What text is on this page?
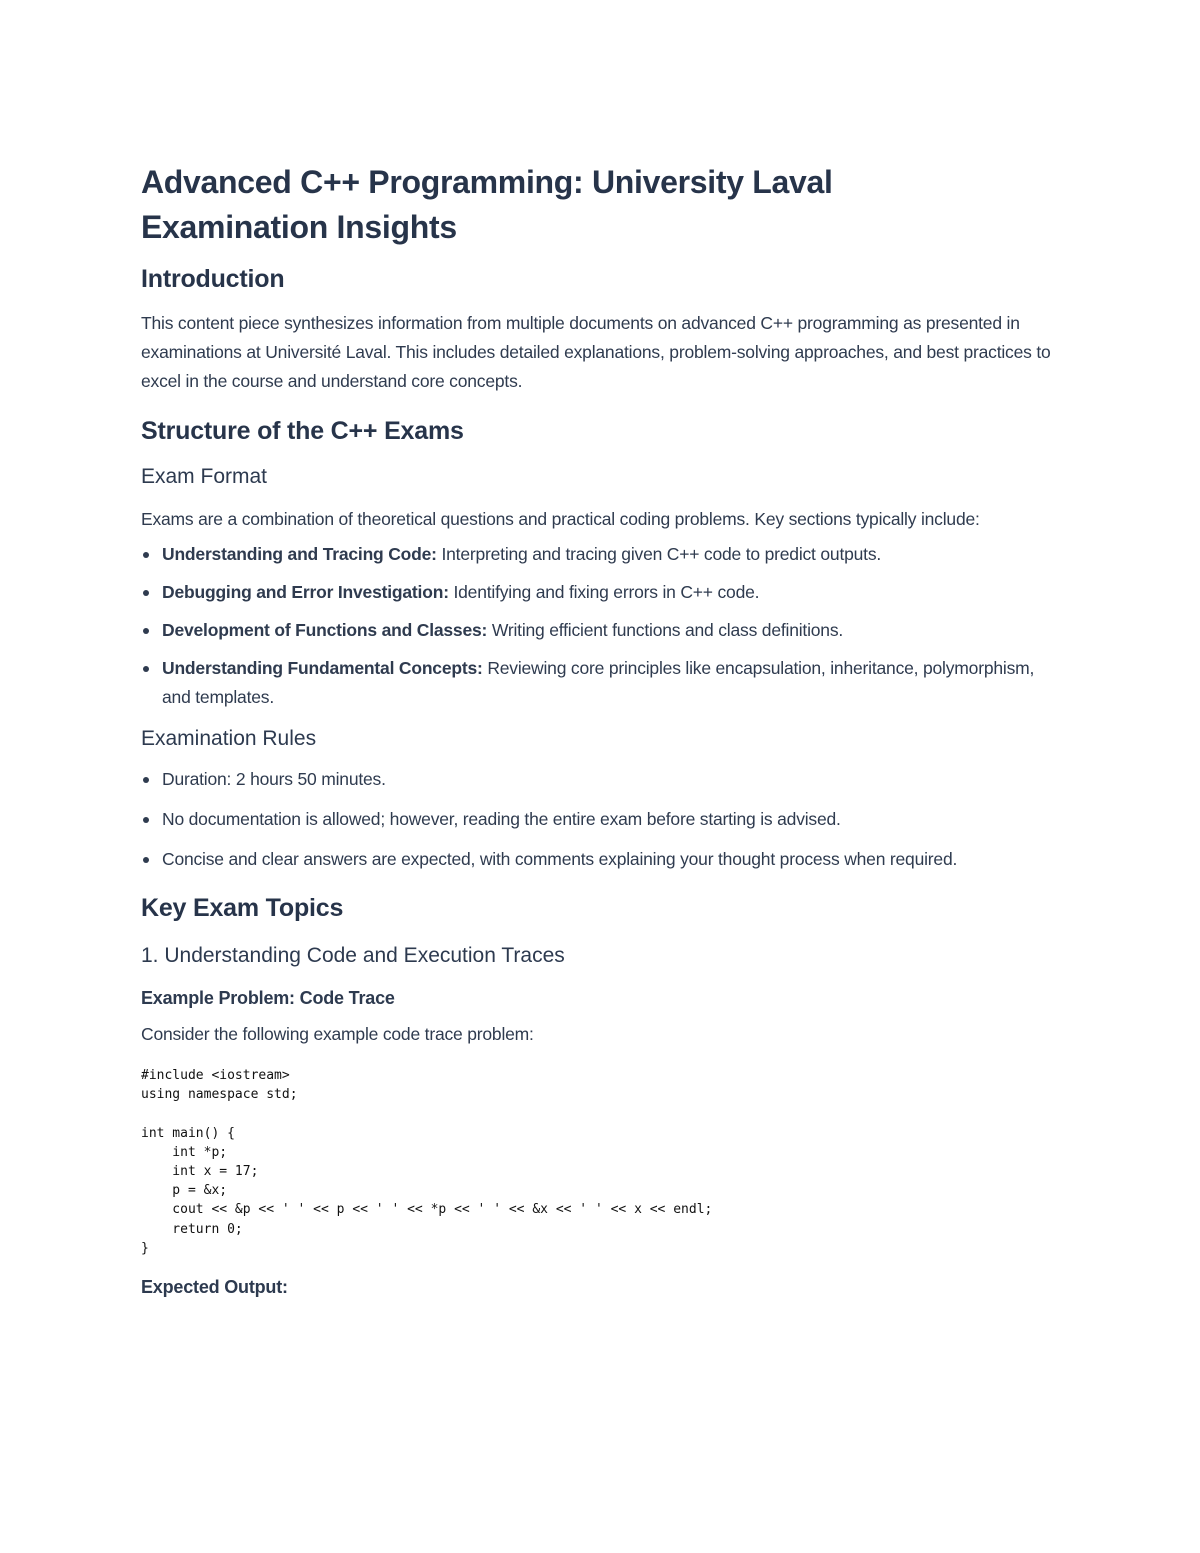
Advanced C++ Programming: University Laval Examination Insights
Introduction

This content piece synthesizes information from multiple documents on advanced C++ programming as presented in examinations at Université Laval. This includes detailed explanations, problem-solving approaches, and best practices to excel in the course and understand core concepts.

Structure of the C++ Exams
Exam Format

Exams are a combination of theoretical questions and practical coding problems. Key sections typically include:

Understanding and Tracing Code: Interpreting and tracing given C++ code to predict outputs.
Debugging and Error Investigation: Identifying and fixing errors in C++ code.
Development of Functions and Classes: Writing efficient functions and class definitions.
Understanding Fundamental Concepts: Reviewing core principles like encapsulation, inheritance, polymorphism, and templates.
Examination Rules
Duration: 2 hours 50 minutes.
No documentation is allowed; however, reading the entire exam before starting is advised.
Concise and clear answers are expected, with comments explaining your thought process when required.
Key Exam Topics
1. Understanding Code and Execution Traces
Example Problem: Code Trace

Consider the following example code trace problem:

#include <iostream>
using namespace std;

int main() {
int *p;
int x = 17;
p = &x;
cout << &p << ' ' << p << ' ' << *p << ' ' << &x << ' ' << x << endl;
return 0;
}
Expected Output:
